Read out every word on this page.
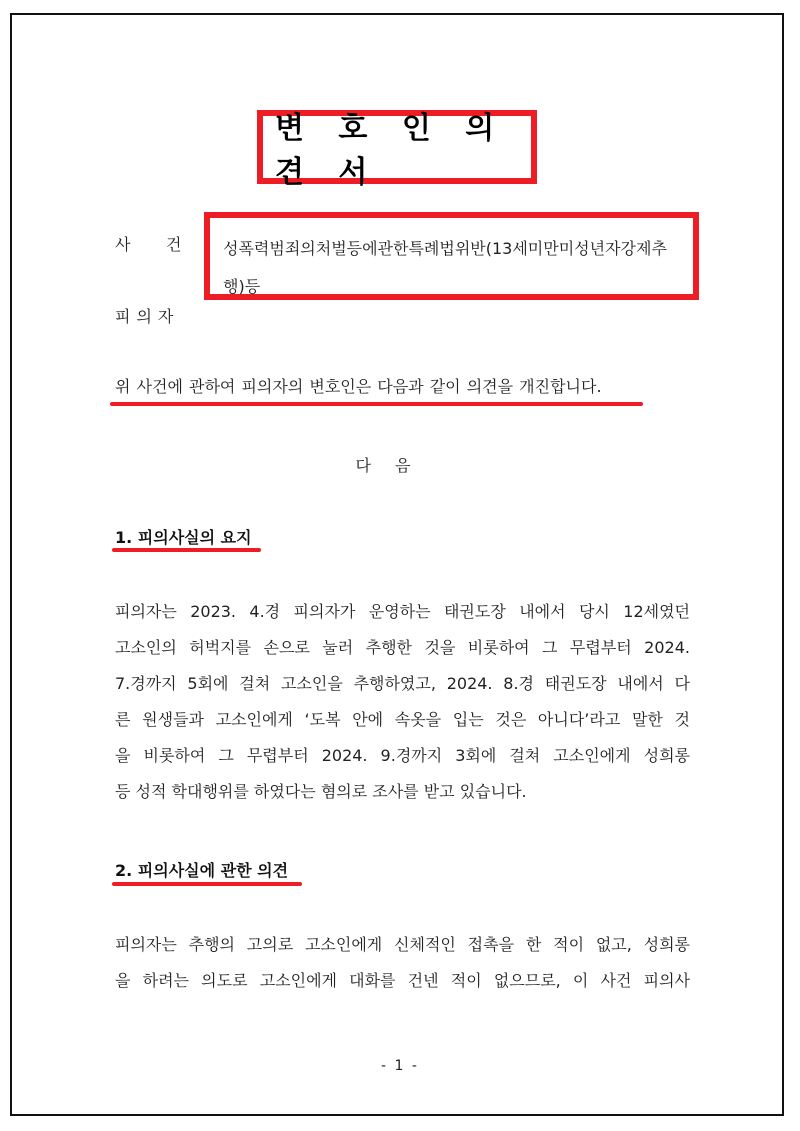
변 호 인 의 견 서
사 건	성폭력범죄의처벌등에관한특례법위반(13세미만미성년자강제추
행)등
피의자
위 사건에 관하여 피의자의 변호인은 다음과 같이 의견을 개진합니다.
다음
1. 피의사실의 요지
피의자는 2023. 4.경 피의자가 운영하는 태권도장 내에서 당시 12세였던
고소인의 허벅지를 손으로 눌러 추행한 것을 비롯하여 그 무렵부터 2024.
7.경까지 5회에 걸쳐 고소인을 추행하였고, 2024. 8.경 태권도장 내에서 다
른 원생들과 고소인에게 ‘도복 안에 속옷을 입는 것은 아니다’라고 말한 것
을 비롯하여 그 무렵부터 2024. 9.경까지 3회에 걸쳐 고소인에게 성희롱
등 성적 학대행위를 하였다는 혐의로 조사를 받고 있습니다.
2. 피의사실에 관한 의견
피의자는 추행의 고의로 고소인에게 신체적인 접촉을 한 적이 없고, 성희롱
을 하려는 의도로 고소인에게 대화를 건넨 적이 없으므로, 이 사건 피의사
- 1 -
